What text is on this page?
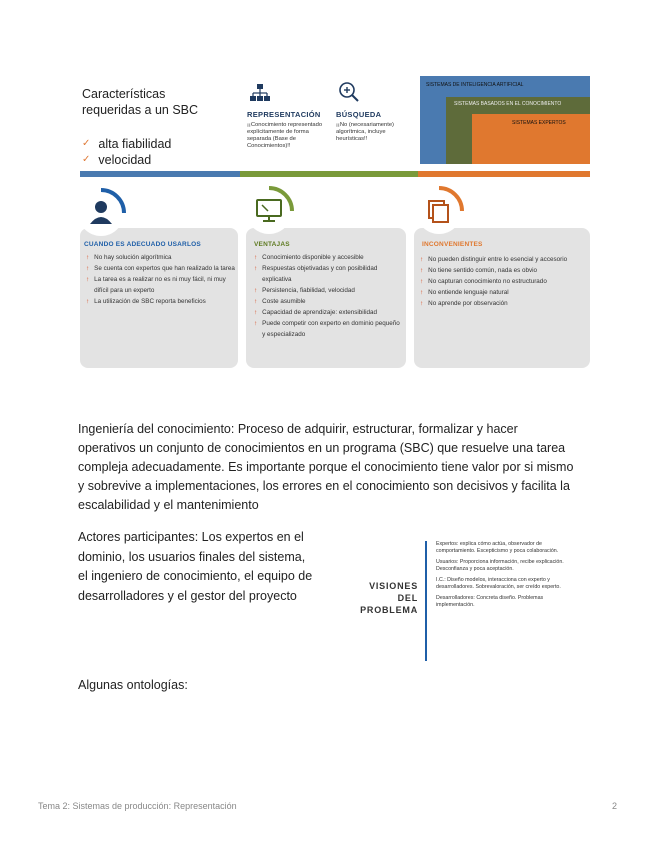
Características
requeridas a un SBC
✓ alta fiabilidad
✓ velocidad
REPRESENTACIÓN
¡¡Conocimiento representado explícitamente de forma separada (Base de Conocimientos)!!
BÚSQUEDA
¡¡No (necesariamente) algorítmica, incluye heurísticas!!
SISTEMAS DE INTELIGENCIA ARTIFICIAL
SISTEMAS BASADOS EN EL CONOCIMIENTO
SISTEMAS EXPERTOS
CUANDO ES ADECUADO USARLOS
↑ No hay solución algorítmica
↑ Se cuenta con expertos que han realizado la tarea
↑ La tarea es a realizar no es ni muy fácil, ni muy difícil para un experto
↑ La utilización de SBC reporta beneficios
VENTAJAS
↑ Conocimiento disponible y accesible
↑ Respuestas objetivadas y con posibilidad explicativa
↑ Persistencia, fiabilidad, velocidad
↑ Coste asumible
↑ Capacidad de aprendizaje: extensibilidad
↑ Puede competir con experto en dominio pequeño y especializado
INCONVENIENTES
↑ No pueden distinguir entre lo esencial y accesorio
↑ No tiene sentido común, nada es obvio
↑ No capturan conocimiento no estructurado
↑ No entiende lenguaje natural
↑ No aprende por observación
Ingeniería del conocimiento: Proceso de adquirir, estructurar, formalizar y hacer operativos un conjunto de conocimientos en un programa (SBC) que resuelve una tarea compleja adecuadamente. Es importante porque el conocimiento tiene valor por si mismo y sobrevive a implementaciones, los errores en el conocimiento son decisivos y facilita la escalabilidad y el mantenimiento
Actores participantes: Los expertos en el dominio, los usuarios finales del sistema, el ingeniero de conocimiento, el equipo de desarrolladores y el gestor del proyecto
VISIONES DEL
PROBLEMA

Expertos: explica cómo actúa, observador de comportamiento. Escepticismo y poca colaboración.

Usuarios: Proporciona información, recibe explicación. Desconfianza y poca aceptación.

I.C.: Diseño modelos, interacciona con experto y desarrolladores. Sobrevaloración, ser creído experto.

Desarrolladores: Concreta diseño. Problemas implementación.

Algunas ontologías:
Tema 2: Sistemas de producción: Representación	2
